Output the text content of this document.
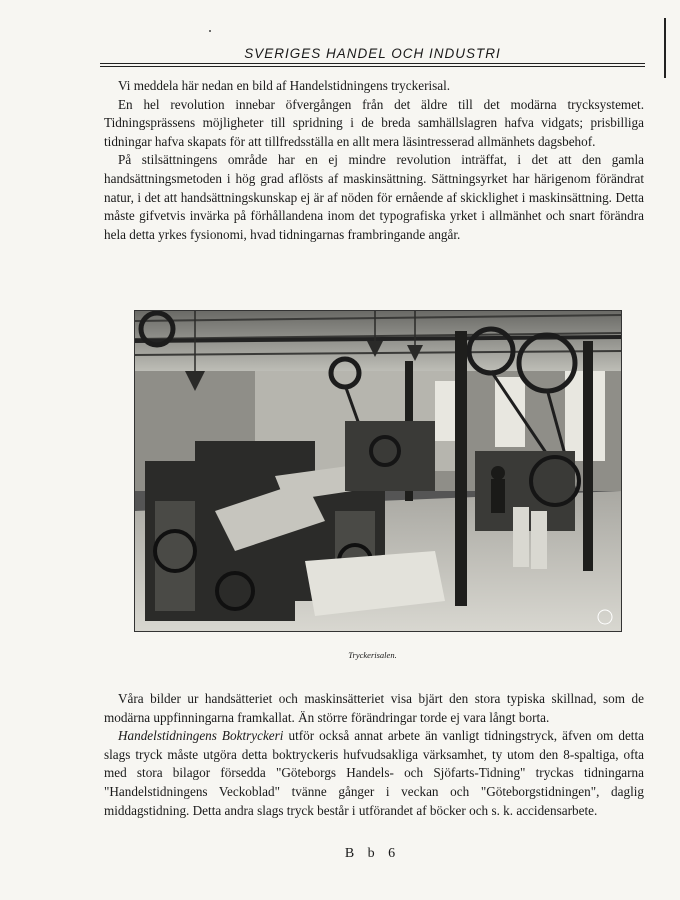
SVERIGES HANDEL OCH INDUSTRI

Vi meddela här nedan en bild af Handelstidningens tryckerisal.

En hel revolution innebar öfvergången från det äldre till det modärna trycksystemet. Tidningsprässens möjligheter till spridning i de breda samhällslagren hafva vidgats; prisbilliga tidningar hafva skapats för att tillfredsställa en allt mera läsintresserad allmänhets dagsbehof.

På stilsättningens område har en ej mindre revolution inträffat, i det att den gamla handsättningsmetoden i hög grad aflösts af maskinsättning. Sättningsyrket har härigenom förändrat natur, i det att handsättningskunskap ej är af nöden för ernående af skicklighet i maskinsättning. Detta måste gifvetvis invärka på förhållandena inom det typografiska yrket i allmänhet och snart förändra hela detta yrkes fysionomi, hvad tidningarnas frambringande angår.

Tryckerisalen.

Våra bilder ur handsätteriet och maskinsätteriet visa bjärt den stora typiska skillnad, som de modärna uppfinningarna framkallat. Än större förändringar torde ej vara långt borta.

Handelstidningens Boktryckeri utför också annat arbete än vanligt tidningstryck, äfven om detta slags tryck måste utgöra detta boktryckeris hufvudsakliga värksamhet, ty utom den 8-spaltiga, ofta med stora bilagor försedda "Göteborgs Handels- och Sjöfarts-Tidning" tryckas tidningarna "Handelstidningens Veckoblad" tvänne gånger i veckan och "Göteborgstidningen", daglig middagstidning. Detta andra slags tryck består i utförandet af böcker och s. k. accidensarbete.

B b 6
